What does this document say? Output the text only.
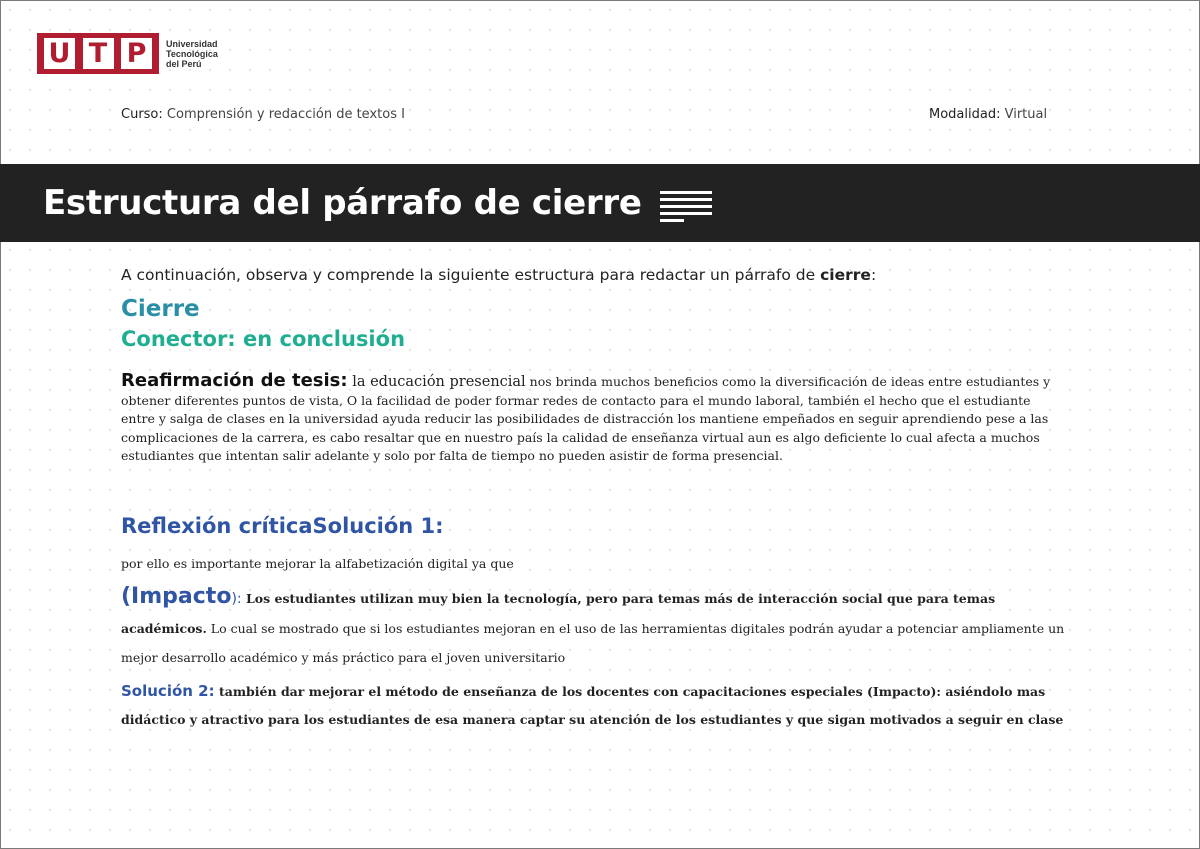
U T P	Universidad
Tecnológica
del Perú
Curso: Comprensión y redacción de textos I	Modalidad: Virtual
Estructura del párrafo de cierre
A continuación, observa y comprende la siguiente estructura para redactar un párrafo de cierre:
Cierre
Conector: en conclusión
Reafirmación de tesis: la educación presencial nos brinda muchos beneficios como la diversificación de ideas entre estudiantes y obtener diferentes puntos de vista, O la facilidad de poder formar redes de contacto para el mundo laboral, también el hecho que el estudiante entre y salga de clases en la universidad ayuda reducir las posibilidades de distracción los mantiene empeñados en seguir aprendiendo pese a las complicaciones de la carrera, es cabo resaltar que en nuestro país la calidad de enseñanza virtual aun es algo deficiente lo cual afecta a muchos estudiantes que intentan salir adelante y solo por falta de tiempo no pueden asistir de forma presencial.
Reflexión críticaSolución 1:
por ello es importante mejorar la alfabetización digital ya que
(Impacto): Los estudiantes utilizan muy bien la tecnología, pero para temas más de interacción social que para temas académicos. Lo cual se mostrado que si los estudiantes mejoran en el uso de las herramientas digitales podrán ayudar a potenciar ampliamente un mejor desarrollo académico y más práctico para el joven universitario
Solución 2: también dar mejorar el método de enseñanza de los docentes con capacitaciones especiales (Impacto): asiéndolo mas didáctico y atractivo para los estudiantes de esa manera captar su atención de los estudiantes y que sigan motivados a seguir en clase
